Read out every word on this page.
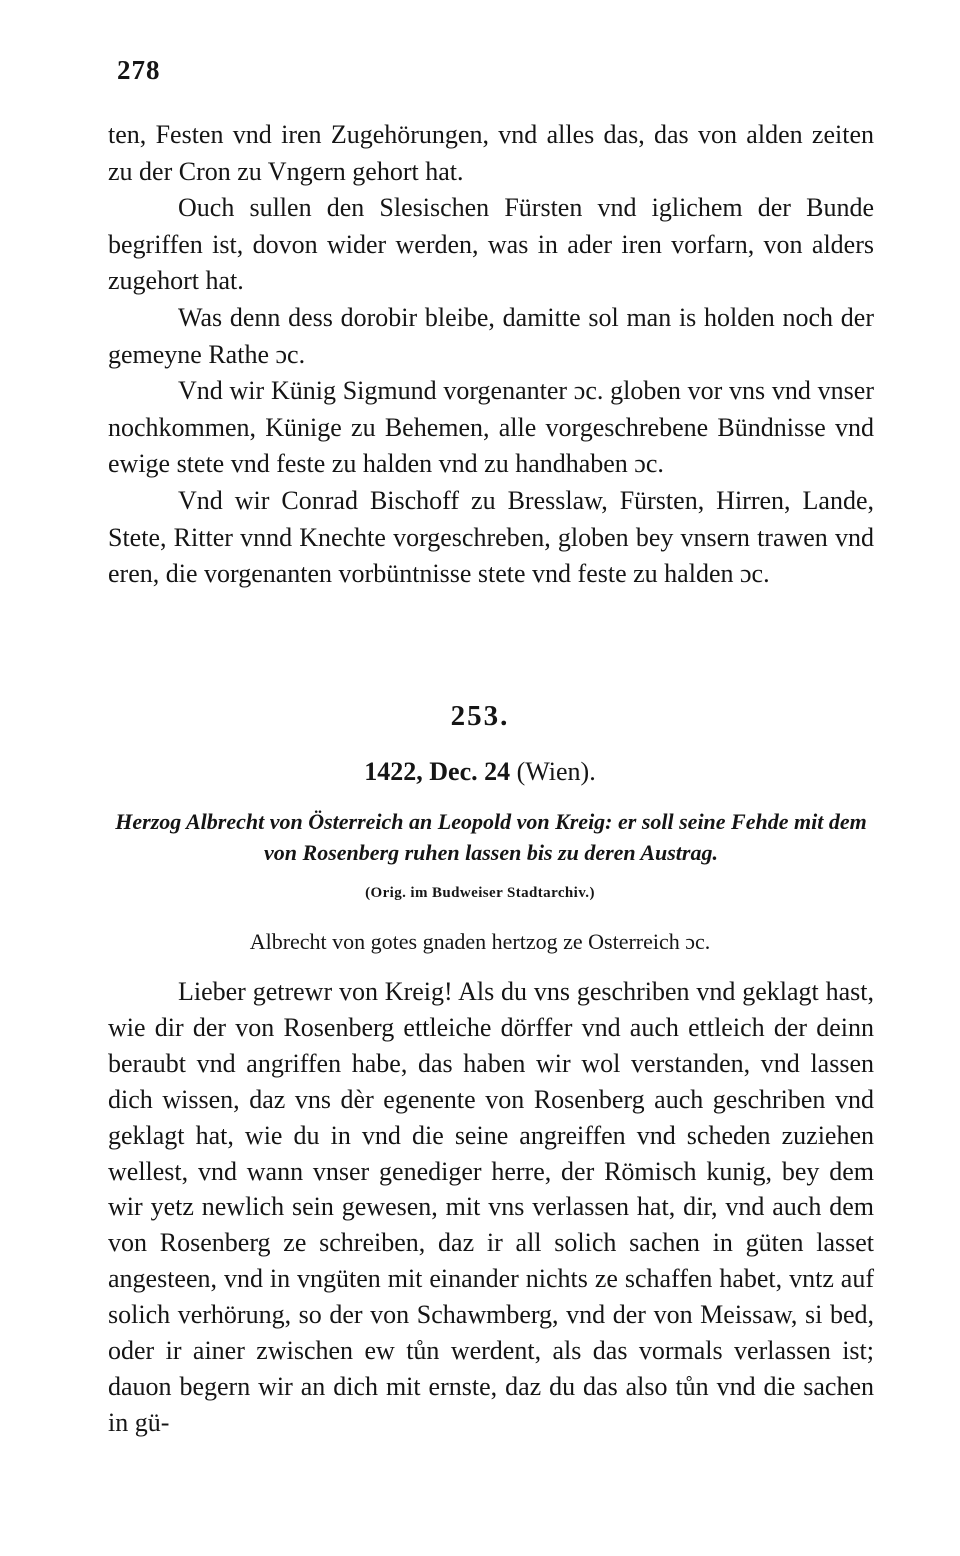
278

ten, Festen vnd iren Zugehörungen, vnd alles das, das von alden zeiten zu der Cron zu Vngern gehort hat.

Ouch sullen den Slesischen Fürsten vnd iglichem der Bunde begriffen ist, dovon wider werden, was in ader iren vorfarn, von alders zugehort hat.

Was denn dess dorobir bleibe, damitte sol man is holden noch der gemeyne Rathe ɔc.

Vnd wir Künig Sigmund vorgenanter ɔc. globen vor vns vnd vnser nochkommen, Künige zu Behemen, alle vorgeschrebene Bündnisse vnd ewige stete vnd feste zu halden vnd zu handhaben ɔc.

Vnd wir Conrad Bischoff zu Bresslaw, Fürsten, Hirren, Lande, Stete, Ritter vnnd Knechte vorgeschreben, globen bey vnsern trawen vnd eren, die vorgenanten vorbüntnisse stete vnd feste zu halden ɔc.

253.
1422, Dec. 24 (Wien).
Herzog Albrecht von Österreich an Leopold von Kreig: er soll seine Fehde mit dem von Rosenberg ruhen lassen bis zu deren Austrag.
(Orig. im Budweiser Stadtarchiv.)
Albrecht von gotes gnaden hertzog ze Osterreich ɔc.

Lieber getrewr von Kreig! Als du vns geschriben vnd geklagt hast, wie dir der von Rosenberg ettleiche dörffer vnd auch ettleich der deinn beraubt vnd angriffen habe, das haben wir wol verstanden, vnd lassen dich wissen, daz vns dèr egenente von Rosenberg auch geschriben vnd geklagt hat, wie du in vnd die seine angreiffen vnd scheden zuziehen wellest, vnd wann vnser genediger herre, der Römisch kunig, bey dem wir yetz newlich sein gewesen, mit vns verlassen hat, dir, vnd auch dem von Rosenberg ze schreiben, daz ir all solich sachen in güten lasset angesteen, vnd in vngüten mit einander nichts ze schaffen habet, vntz auf solich verhörung, so der von Schawmberg, vnd der von Meissaw, si bed, oder ir ainer zwischen ew tůn werdent, als das vormals verlassen ist; dauon begern wir an dich mit ernste, daz du das also tůn vnd die sachen in gü-
